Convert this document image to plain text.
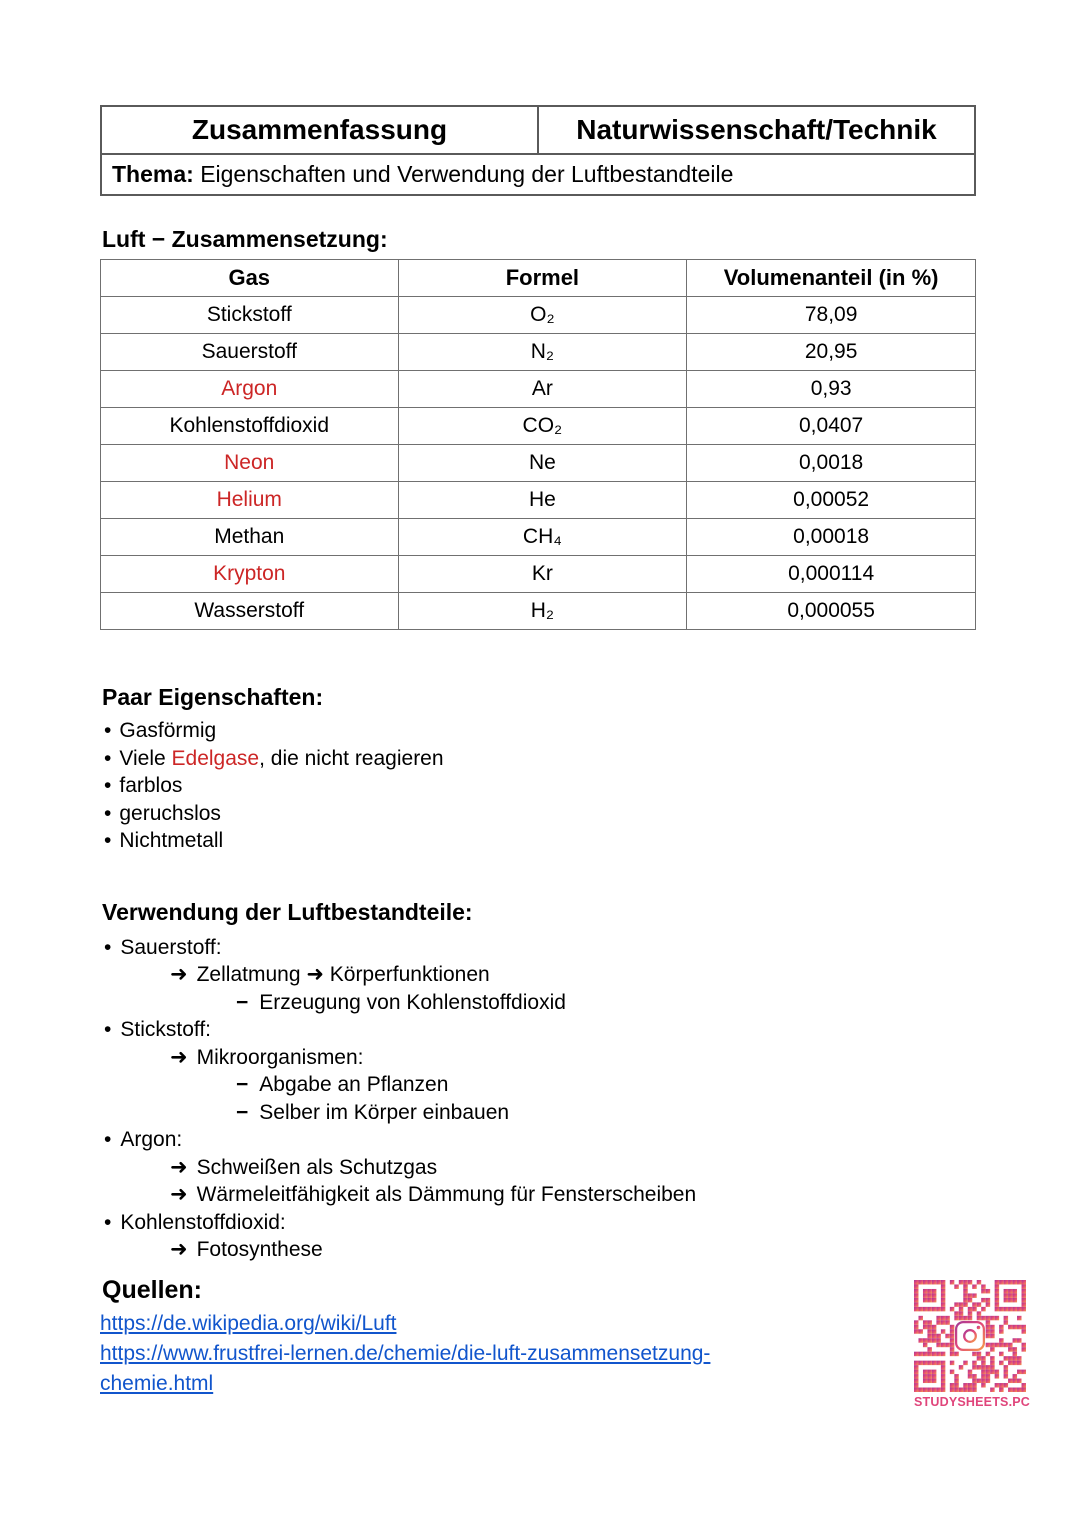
Zusammenfassung	Naturwissenschaft/Technik
Thema: Eigenschaften und Verwendung der Luftbestandteile
Luft − Zusammensetzung:
Gas	Formel	Volumenanteil (in %)
Stickstoff	O₂	78,09
Sauerstoff	N₂	20,95
Argon	Ar	0,93
Kohlenstoffdioxid	CO₂	0,0407
Neon	Ne	0,0018
Helium	He	0,00052
Methan	CH₄	0,00018
Krypton	Kr	0,000114
Wasserstoff	H₂	0,000055
Paar Eigenschaften:
• Gasförmig
• Viele Edelgase, die nicht reagieren
• farblos
• geruchslos
• Nichtmetall
Verwendung der Luftbestandteile:
• Sauerstoff:
➜ Zellatmung ➜ Körperfunktionen
− Erzeugung von Kohlenstoffdioxid
• Stickstoff:
➜ Mikroorganismen:
− Abgabe an Pflanzen
− Selber im Körper einbauen
• Argon:
➜ Schweißen als Schutzgas
➜ Wärmeleitfähigkeit als Dämmung für Fensterscheiben
• Kohlenstoffdioxid:
➜ Fotosynthese
Quellen:
https://de.wikipedia.org/wiki/Luft
https://www.frustfrei-lernen.de/chemie/die-luft-zusammensetzung-chemie.html
STUDYSHEETS.PC
